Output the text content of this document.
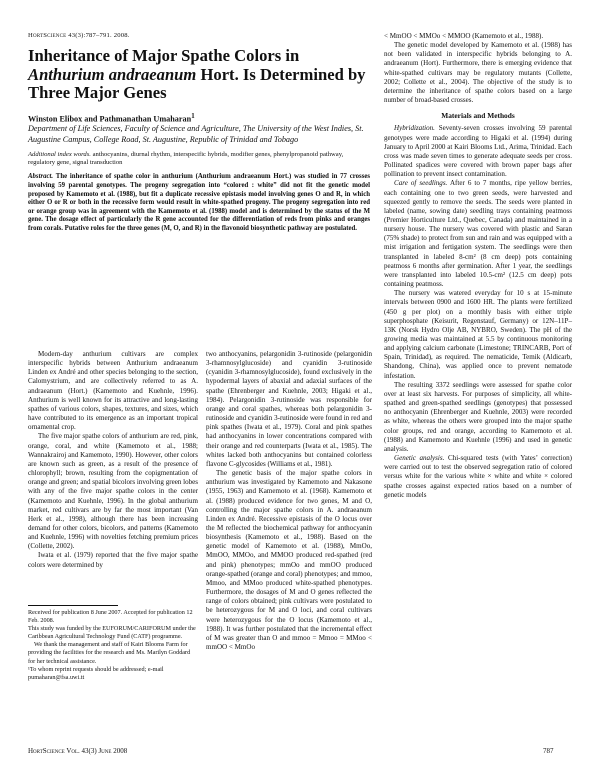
HortScience 43(3):787–791. 2008.
Inheritance of Major Spathe Colors in Anthurium andraeanum Hort. Is Determined by Three Major Genes
Winston Elibox and Pathmanathan Umaharan$^1$
Department of Life Sciences, Faculty of Science and Agriculture, The University of the West Indies, St. Augustine Campus, College Road, St. Augustine, Republic of Trinidad and Tobago
Additional index words. anthocyanins, diurnal rhythm, interspecific hybrids, modifier genes, phenylpropanoid pathway, regulatory gene, signal transduction
Abstract. The inheritance of spathe color in anthurium (Anthurium andraeanum Hort.) was studied in 77 crosses involving 59 parental genotypes. The progeny segregation into “colored : white” did not fit the genetic model proposed by Kamemoto et al. (1988), but fit a duplicate recessive epistasis model involving genes O and R, in which either O or R or both in the recessive form would result in white-spathed progeny. The progeny segregation into red or orange group was in agreement with the Kamemoto et al. (1988) model and is determined by the status of the M gene. The dosage effect of particularly the R gene accounted for the differentiation of reds from pinks and oranges from corals. Putative roles for the three genes (M, O, and R) in the flavonoid biosynthetic pathway are postulated.

Modern-day anthurium cultivars are complex interspecific hybrids between Anthurium andraeanum Linden ex André and other species belonging to the section, Calomystrium, and are collectively referred to as A. andraeanum (Hort.) (Kamemoto and Kuehnle, 1996). Anthurium is well known for its attractive and long-lasting spathes of various colors, shapes, textures, and sizes, which have contributed to its emergence as an important tropical ornamental crop.

The five major spathe colors of anthurium are red, pink, orange, coral, and white (Kamemoto et al., 1988; Wannakrairoj and Kamemoto, 1990). However, other colors are known such as green, as a result of the presence of chlorophyll; brown, resulting from the copigmentation of orange and green; and spatial bicolors involving green lobes with any of the five major spathe colors in the center (Kamemoto and Kuehnle, 1996). In the global anthurium market, red cultivars are by far the most important (Van Herk et al., 1998), although there has been increasing demand for other colors, bicolors, and patterns (Kamemoto and Kuehnle, 1996) with novelties fetching premium prices (Collette, 2002).

Iwata et al. (1979) reported that the five major spathe colors were determined by

Received for publication 8 June 2007. Accepted for publication 12 Feb. 2008.

This study was funded by the EUFORUM/CARIFORUM under the Caribbean Agricultural Technology Fund (CATF) programme.

We thank the management and staff of Kairi Blooms Farm for providing the facilities for the research and Ms. Marilyn Goddard for her technical assistance.

¹To whom reprint requests should be addressed; e-mail pumaharan@fsa.uwi.tt

two anthocyanins, pelargonidin 3-rutinoside (pelargonidin 3-rhamnosylglucoside) and cyanidin 3-rutinoside (cyanidin 3-rhamnosylglucoside), found exclusively in the hypodermal layers of abaxial and adaxial surfaces of the spathe (Ehrenberger and Kuehnle, 2003; Higaki et al., 1984). Pelargonidin 3-rutinoside was responsible for orange and coral spathes, whereas both pelargonidin 3-rutinoside and cyanidin 3-rutinoside were found in red and pink spathes (Iwata et al., 1979). Coral and pink spathes had anthocyanins in lower concentrations compared with their orange and red counterparts (Iwata et al., 1985). The whites lacked both anthocyanins but contained colorless flavone C-glycosides (Williams et al., 1981).

The genetic basis of the major spathe colors in anthurium was investigated by Kamemoto and Nakasone (1955, 1963) and Kamemoto et al. (1968). Kamemoto et al. (1988) produced evidence for two genes, M and O, controlling the major spathe colors in A. andraeanum Linden ex André. Recessive epistasis of the O locus over the M reflected the biochemical pathway for anthocyanin biosynthesis (Kamemoto et al., 1988). Based on the genetic model of Kamemoto et al. (1988), MmOo, MmOO, MMOo, and MMOO produced red-spathed (red and pink) phenotypes; mmOo and mmOO produced orange-spathed (orange and coral) phenotypes; and mmoo, Mmoo, and MMoo produced white-spathed phenotypes. Furthermore, the dosages of M and O genes reflected the range of colors obtained; pink cultivars were postulated to be heterozygous for M and O loci, and coral cultivars were heterozygous for the O locus (Kamemoto et al., 1988). It was further postulated that the incremental effect of M was greater than O and mmoo = Mmoo = MMoo < mmOO < MmOo

< MmOO < MMOo < MMOO (Kamemoto et al., 1988).

The genetic model developed by Kamemoto et al. (1988) has not been validated in interspecific hybrids belonging to A. andraeanum (Hort). Furthermore, there is emerging evidence that white-spathed cultivars may be regulatory mutants (Collette, 2002; Collette et al., 2004). The objective of the study is to determine the inheritance of spathe colors based on a large number of broad-based crosses.

Materials and Methods

Hybridization. Seventy-seven crosses involving 59 parental genotypes were made according to Higaki et al. (1994) during January to April 2000 at Kairi Blooms Ltd., Arima, Trinidad. Each cross was made seven times to generate adequate seeds per cross. Pollinated spadices were covered with brown paper bags after pollination to prevent insect contamination.

Care of seedlings. After 6 to 7 months, ripe yellow berries, each containing one to two green seeds, were harvested and squeezed gently to remove the seeds. The seeds were planted in labeled (name, sowing date) seedling trays containing peatmoss (Premier Horticulture Ltd., Quebec, Canada) and maintained in a nursery house. The nursery was covered with plastic and Saran (75% shade) to protect from sun and rain and was equipped with a mist irrigation and fertigation system. The seedlings were then transplanted in labeled 8-cm² (8 cm deep) pots containing peatmoss 6 months after germination. After 1 year, the seedlings were transplanted into labeled 10.5-cm² (12.5 cm deep) pots containing peatmoss.

The nursery was watered everyday for 10 s at 15-minute intervals between 0900 and 1600 HR. The plants were fertilized (450 g per plot) on a monthly basis with either triple superphosphate (Keisurit, Regenstauf, Germany) or 12N–11P–13K (Norsk Hydro Olje AB, NYBRO, Sweden). The pH of the growing media was maintained at 5.5 by continuous monitoring and applying calcium carbonate (Limestone; TRINCARB, Port of Spain, Trinidad), as required. The nematicide, Temik (Aldicarb, Shandong, China), was applied once to prevent nematode infestation.

The resulting 3372 seedlings were assessed for spathe color over at least six harvests. For purposes of simplicity, all white-spathed and green-spathed seedlings (genotypes) that possessed no anthocyanin (Ehrenberger and Kuehnle, 2003) were recorded as white, whereas the others were grouped into the major spathe color groups, red and orange, according to Kamemoto et al. (1988) and Kamemoto and Kuehnle (1996) and used in genetic analysis.

Genetic analysis. Chi-squared tests (with Yates’ correction) were carried out to test the observed segregation ratio of colored versus white for the various white × white and white × colored spathe crosses against expected ratios based on a number of genetic models

HortScience Vol. 43(3) June 2008	787
